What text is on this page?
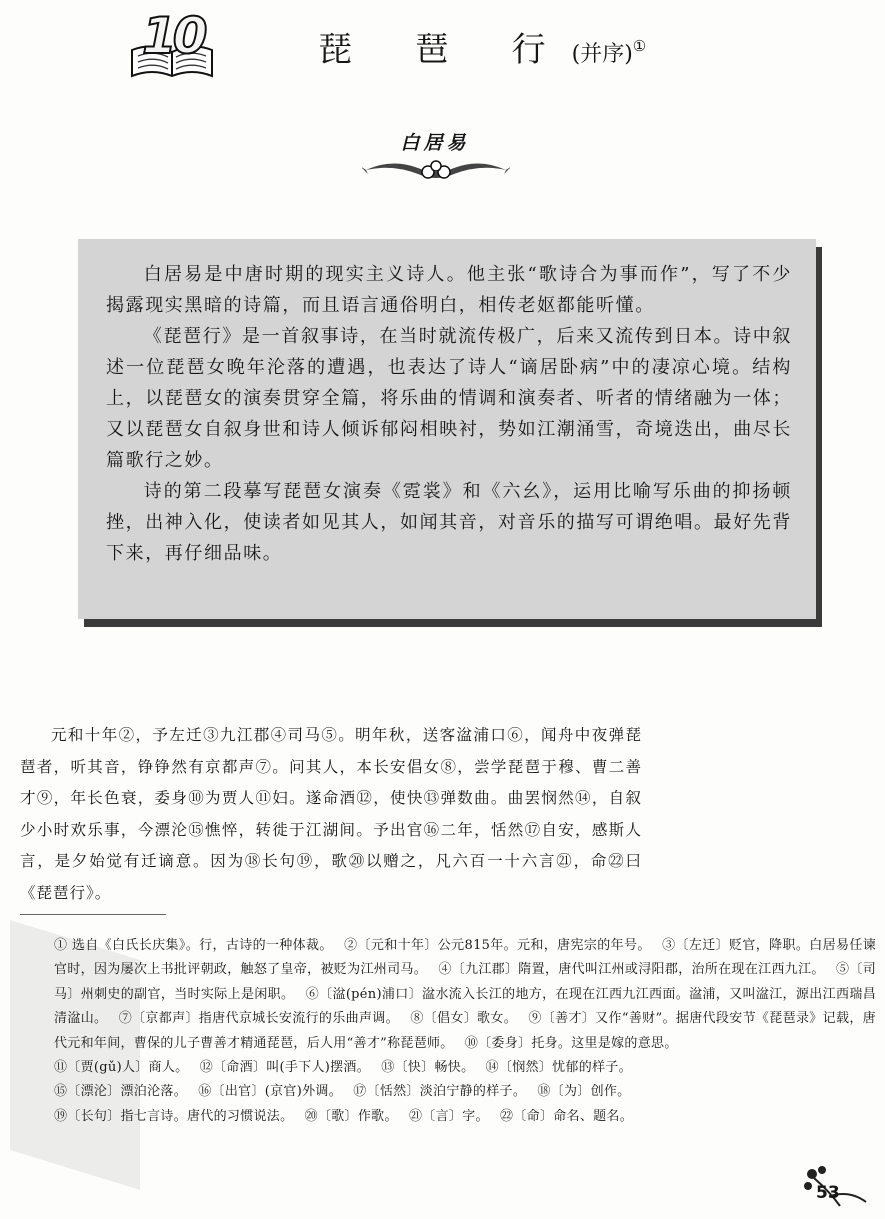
10	琵 琶 行(并序)①
白居易

白居易是中唐时期的现实主义诗人。他主张“歌诗合为事而作”，写了不少揭露现实黑暗的诗篇，而且语言通俗明白，相传老妪都能听懂。

《琵琶行》是一首叙事诗，在当时就流传极广，后来又流传到日本。诗中叙述一位琵琶女晚年沦落的遭遇，也表达了诗人“谪居卧病”中的凄凉心境。结构上，以琵琶女的演奏贯穿全篇，将乐曲的情调和演奏者、听者的情绪融为一体；又以琵琶女自叙身世和诗人倾诉郁闷相映衬，势如江潮涌雪，奇境迭出，曲尽长篇歌行之妙。

诗的第二段摹写琵琶女演奏《霓裳》和《六幺》，运用比喻写乐曲的抑扬顿挫，出神入化，使读者如见其人，如闻其音，对音乐的描写可谓绝唱。最好先背下来，再仔细品味。

元和十年②，予左迁③九江郡④司马⑤。明年秋，送客湓浦口⑥，闻舟中夜弹琵琶者，听其音，铮铮然有京都声⑦。问其人，本长安倡女⑧，尝学琵琶于穆、曹二善才⑨，年长色衰，委身⑩为贾人⑪妇。遂命酒⑫，使快⑬弹数曲。曲罢悯然⑭，自叙少小时欢乐事，今漂沦⑮憔悴，转徙于江湖间。予出官⑯二年，恬然⑰自安，感斯人言，是夕始觉有迁谪意。因为⑱长句⑲，歌⑳以赠之，凡六百一十六言㉑，命㉒曰《琵琶行》。
① 选自《白氏长庆集》。行，古诗的一种体裁。　 ②〔元和十年〕公元815年。元和，唐宪宗的年号。　 ③〔左迁〕贬官，降职。白居易任谏官时，因为屡次上书批评朝政，触怒了皇帝，被贬为江州司马。　 ④〔九江郡〕隋置，唐代叫江州或浔阳郡，治所在现在江西九江。　 ⑤〔司马〕州刺史的副官，当时实际上是闲职。　 ⑥〔湓(pén)浦口〕湓水流入长江的地方，在现在江西九江西面。湓浦，又叫湓江，源出江西瑞昌清湓山。　 ⑦〔京都声〕指唐代京城长安流行的乐曲声调。　 ⑧〔倡女〕歌女。　 ⑨〔善才〕又作“善财”。据唐代段安节《琵琶录》记载，唐代元和年间，曹保的儿子曹善才精通琵琶，后人用“善才”称琵琶师。　 ⑩〔委身〕托身。这里是嫁的意思。
⑪〔贾(gǔ)人〕商人。　 ⑫〔命酒〕叫(手下人)摆酒。　 ⑬〔快〕畅快。　 ⑭〔悯然〕忧郁的样子。
⑮〔漂沦〕漂泊沦落。　 ⑯〔出官〕(京官)外调。　 ⑰〔恬然〕淡泊宁静的样子。　 ⑱〔为〕创作。
⑲〔长句〕指七言诗。唐代的习惯说法。　 ⑳〔歌〕作歌。　 ㉑〔言〕字。　 ㉒〔命〕命名、题名。
53
